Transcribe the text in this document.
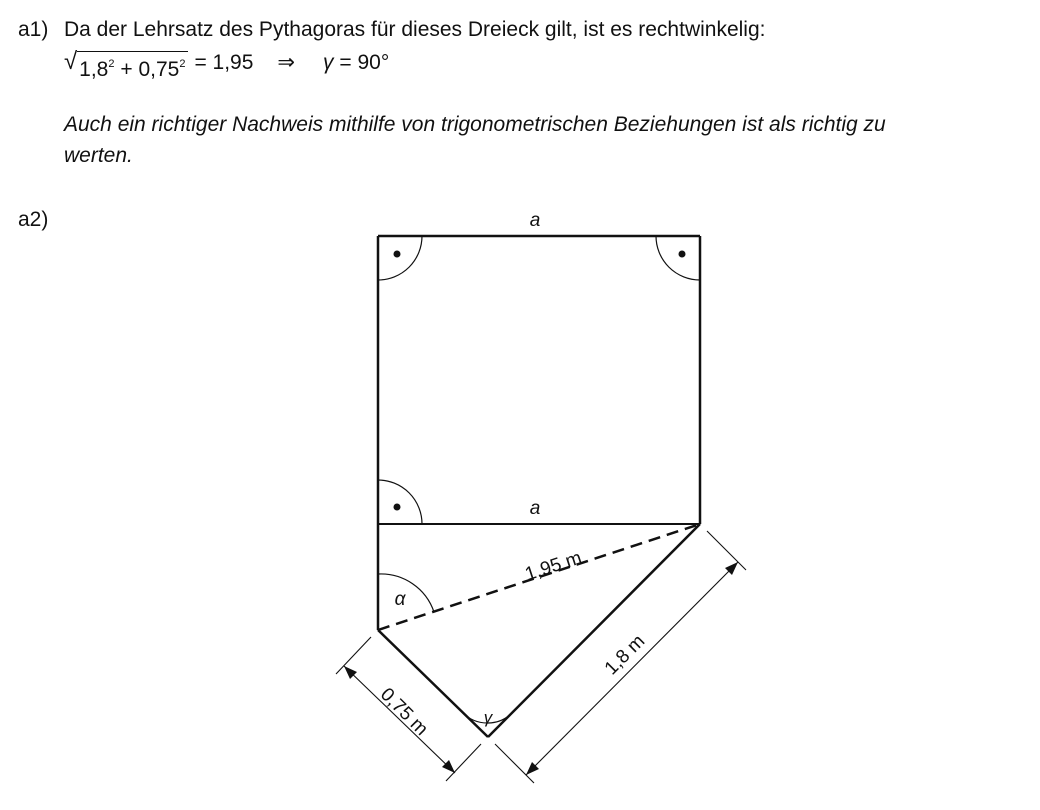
a1) Da der Lehrsatz des Pythagoras für dieses Dreieck gilt, ist es rechtwinkelig:
√ $1,8^2 + 0,75^2 = 1,95$	⇒	γ = 90°
Auch ein richtiger Nachweis mithilfe von trigonometrischen Beziehungen ist als richtig zu
werten.
a2)	a
a
1,95 m
1,8 m
0,75 m
α
γ
